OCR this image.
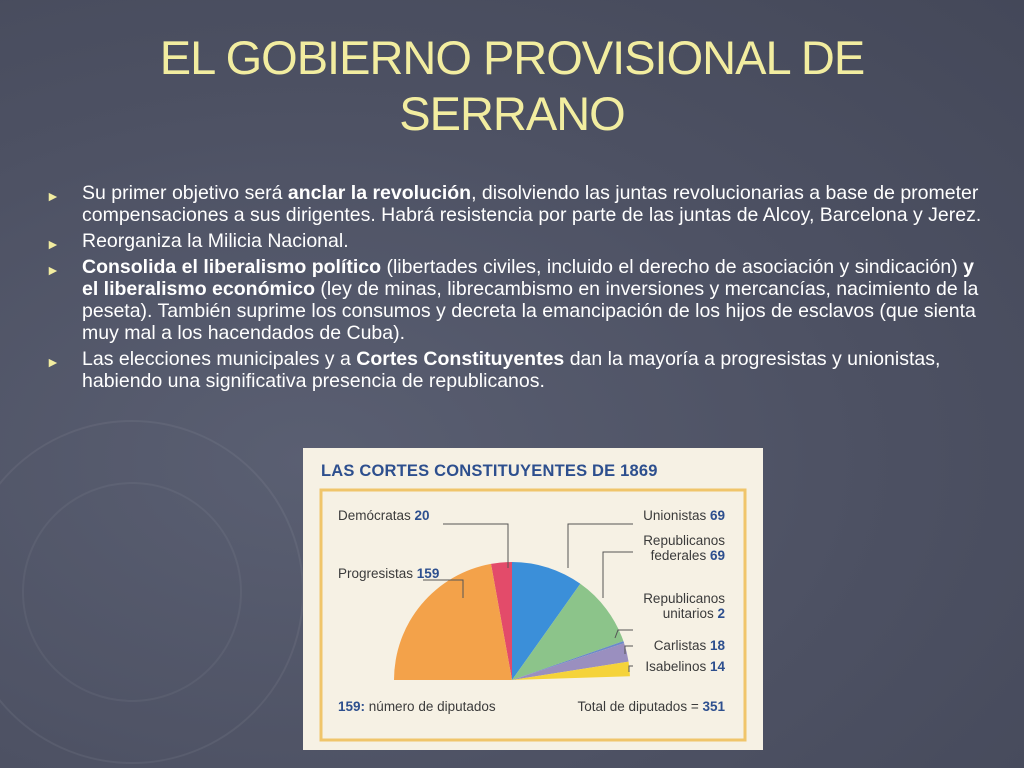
EL GOBIERNO PROVISIONAL DE SERRANO
► Su primer objetivo será anclar la revolución, disolviendo las juntas revolucionarias a base de prometer compensaciones a sus dirigentes. Habrá resistencia por parte de las juntas de Alcoy, Barcelona y Jerez.
► Reorganiza la Milicia Nacional.
► Consolida el liberalismo político (libertades civiles, incluido el derecho de asociación y sindicación) y el liberalismo económico (ley de minas, librecambismo en inversiones y mercancías, nacimiento de la peseta). También suprime los consumos y decreta la emancipación de los hijos de esclavos (que sienta muy mal a los hacendados de Cuba).
► Las elecciones municipales y a Cortes Constituyentes dan la mayoría a progresistas y unionistas, habiendo una significativa presencia de republicanos.
LAS CORTES CONSTITUYENTES DE 1869
Demócratas 20	Unionistas 69
Republicanos federales 69
Progresistas 159
Republicanos unitarios 2
Carlistas 18
Isabelinos 14
159: número de diputados	Total de diputados = 351
